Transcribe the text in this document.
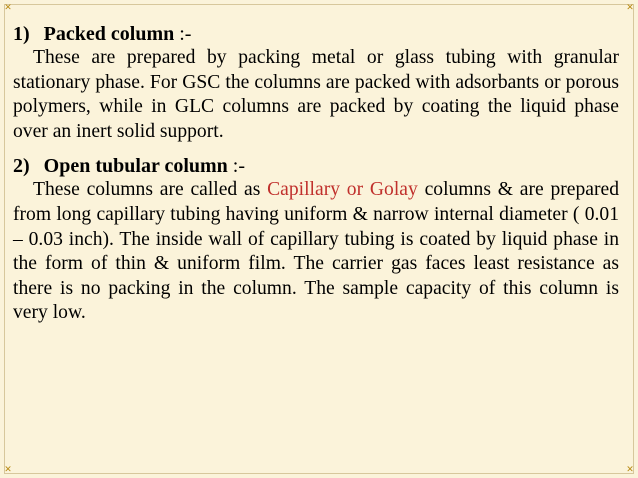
✕	✕
✕	✕
1) Packed column :-

These are prepared by packing metal or glass tubing with granular stationary phase. For GSC the columns are packed with adsorbants or porous polymers, while in GLC columns are packed by coating the liquid phase over an inert solid support.

2) Open tubular column :-

These columns are called as Capillary or Golay columns & are prepared from long capillary tubing having uniform & narrow internal diameter ( 0.01 – 0.03 inch). The inside wall of capillary tubing is coated by liquid phase in the form of thin & uniform film. The carrier gas faces least resistance as there is no packing in the column. The sample capacity of this column is very low.
